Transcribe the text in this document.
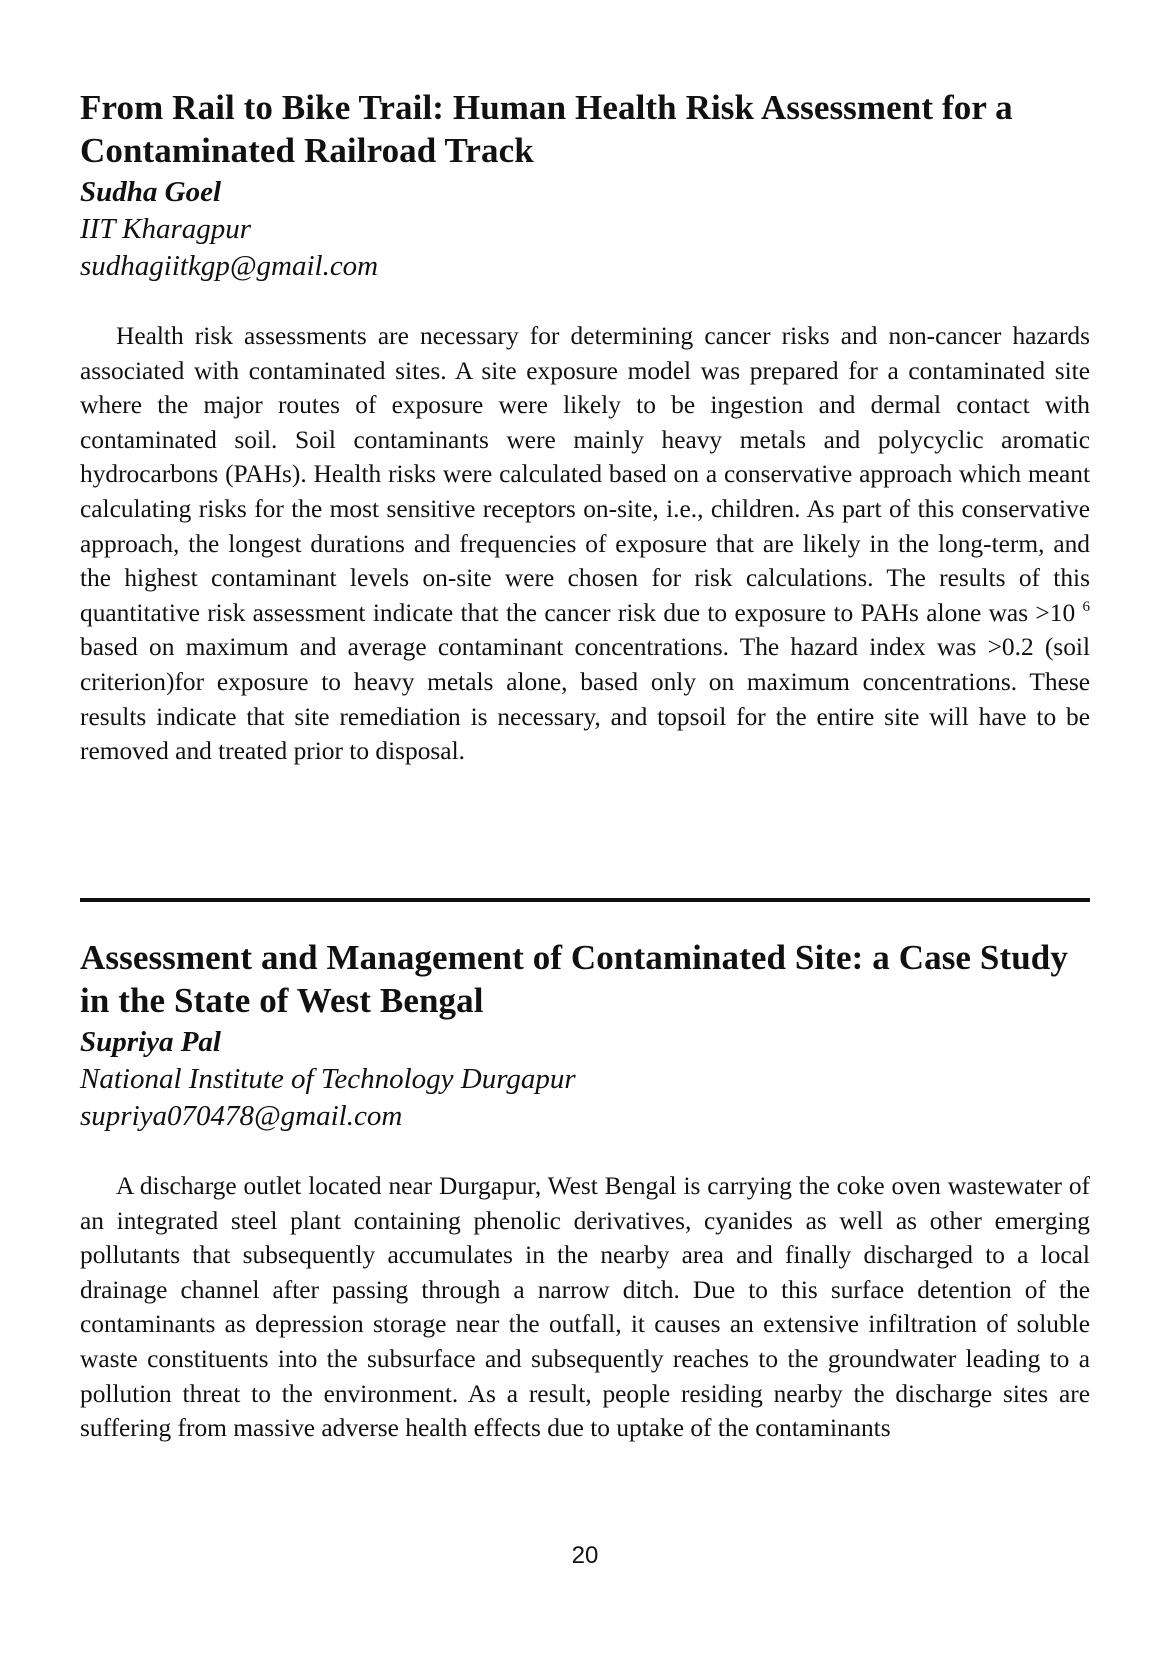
From Rail to Bike Trail: Human Health Risk Assessment for a Contaminated Railroad Track

Sudha Goel

IIT Kharagpur

sudhagiitkgp@gmail.com

Health risk assessments are necessary for determining cancer risks and non-cancer hazards associated with contaminated sites. A site exposure model was prepared for a contaminated site where the major routes of exposure were likely to be ingestion and dermal contact with contaminated soil. Soil contaminants were mainly heavy metals and polycyclic aromatic hydrocarbons (PAHs). Health risks were calculated based on a conservative approach which meant calculating risks for the most sensitive receptors on-site, i.e., children. As part of this conservative approach, the longest durations and frequencies of exposure that are likely in the long-term, and the highest contaminant levels on-site were chosen for risk calculations. The results of this quantitative risk assessment indicate that the cancer risk due to exposure to PAHs alone was >10 $^6$ based on maximum and average contaminant concentrations. The hazard index was >0.2 (soil criterion)for exposure to heavy metals alone, based only on maximum concentrations. These results indicate that site remediation is necessary, and topsoil for the entire site will have to be removed and treated prior to disposal.

Assessment and Management of Contaminated Site: a Case Study in the State of West Bengal

Supriya Pal

National Institute of Technology Durgapur

supriya070478@gmail.com

A discharge outlet located near Durgapur, West Bengal is carrying the coke oven wastewater of an integrated steel plant containing phenolic derivatives, cyanides as well as other emerging pollutants that subsequently accumulates in the nearby area and finally discharged to a local drainage channel after passing through a narrow ditch. Due to this surface detention of the contaminants as depression storage near the outfall, it causes an extensive infiltration of soluble waste constituents into the subsurface and subsequently reaches to the groundwater leading to a pollution threat to the environment. As a result, people residing nearby the discharge sites are suffering from massive adverse health effects due to uptake of the contaminants

20
